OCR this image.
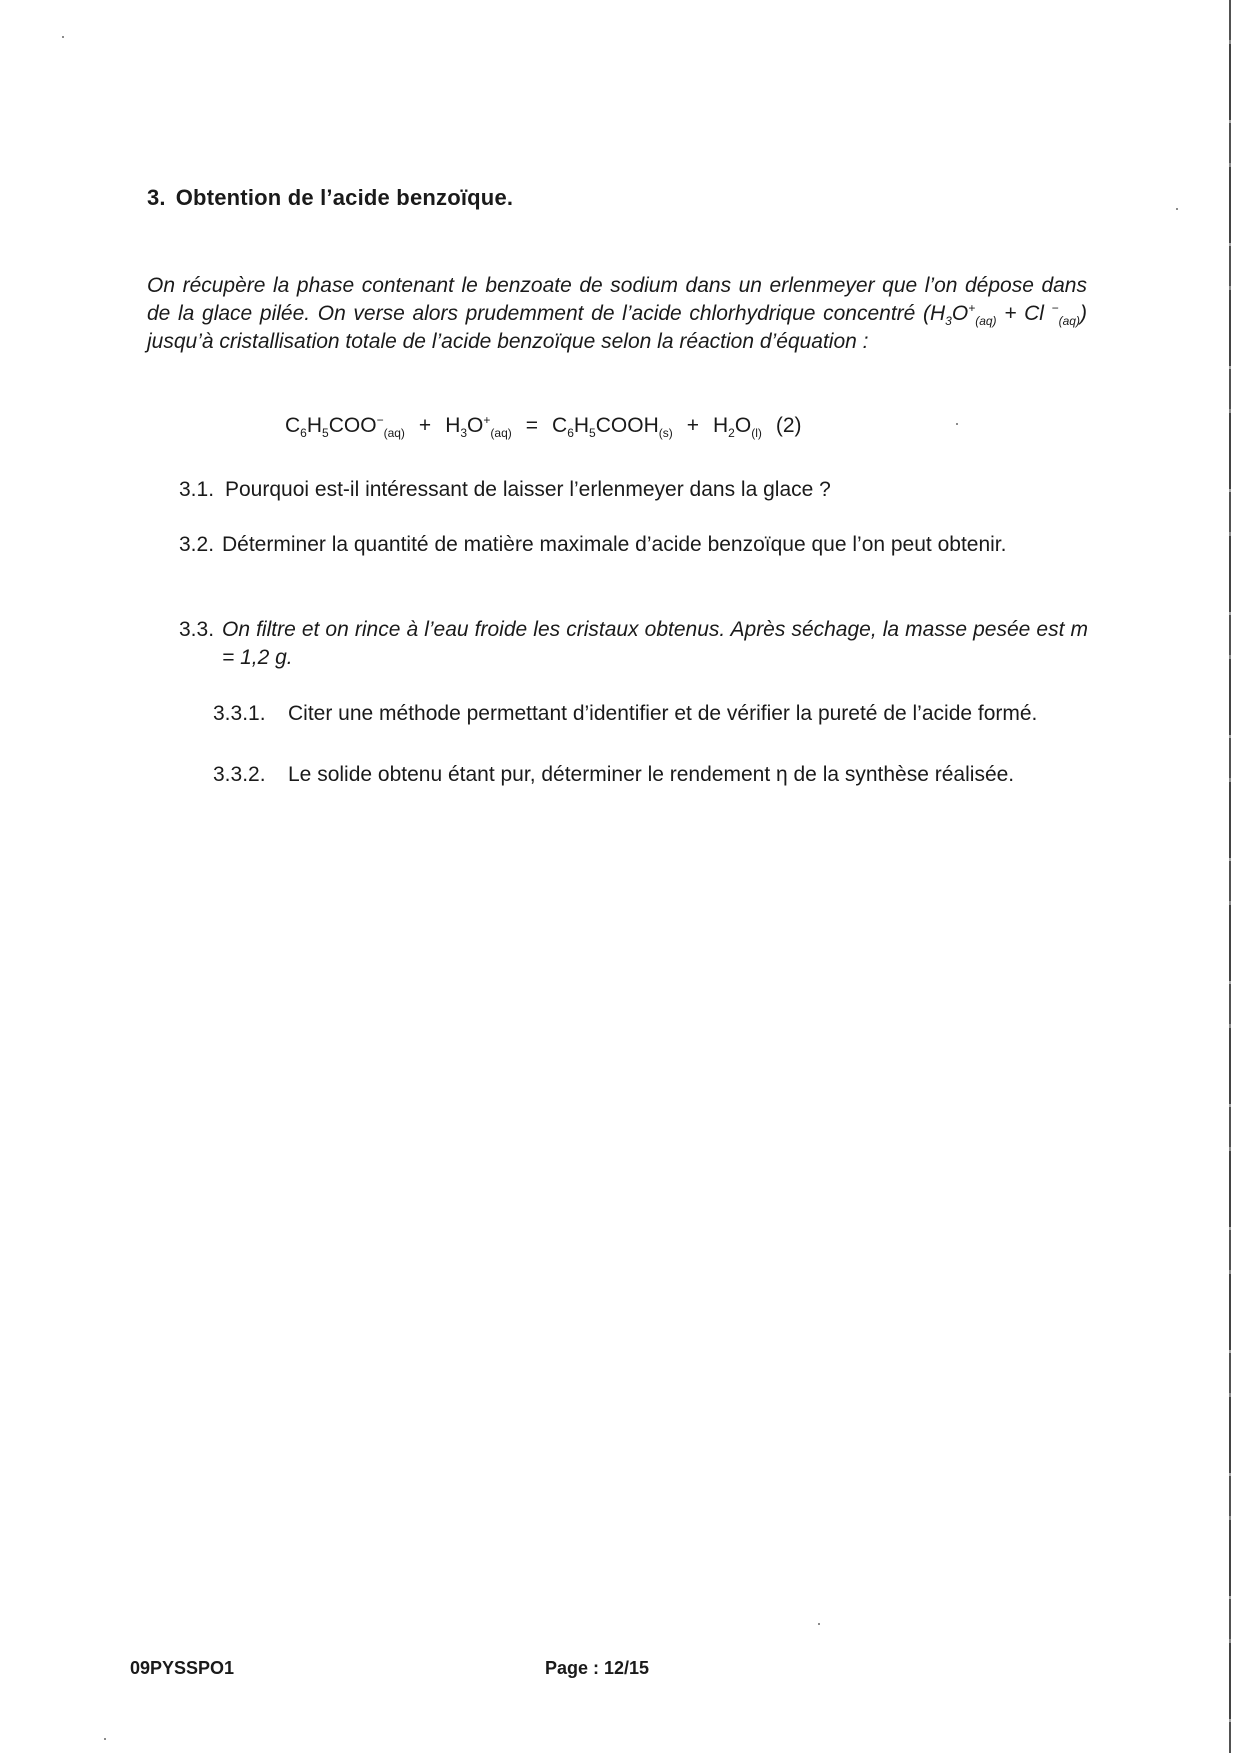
3. Obtention de l’acide benzoïque.
On récupère la phase contenant le benzoate de sodium dans un erlenmeyer que l’on dépose dans de la glace pilée. On verse alors prudemment de l’acide chlorhydrique concentré ($H_3O^+_{(aq)} + Cl$ −$_{(aq)}$) jusqu’à cristallisation totale de l’acide benzoïque selon la réaction d’équation :
$C_6H_5COO^-_{(aq)} + H_3O^+_{(aq)}$ = $C_6H_5COOH_{(s)} + H_2O_{(l)}$ (2)
3.1. Pourquoi est-il intéressant de laisser l’erlenmeyer dans la glace ?
3.2. Déterminer la quantité de matière maximale d’acide benzoïque que l’on peut obtenir.
3.3. On filtre et on rince à l’eau froide les cristaux obtenus. Après séchage, la masse pesée est m = 1,2 g.
3.3.1. Citer une méthode permettant d’identifier et de vérifier la pureté de l’acide formé.
3.3.2. Le solide obtenu étant pur, déterminer le rendement η de la synthèse réalisée.
09PYSSPO1	Page : 12/15
